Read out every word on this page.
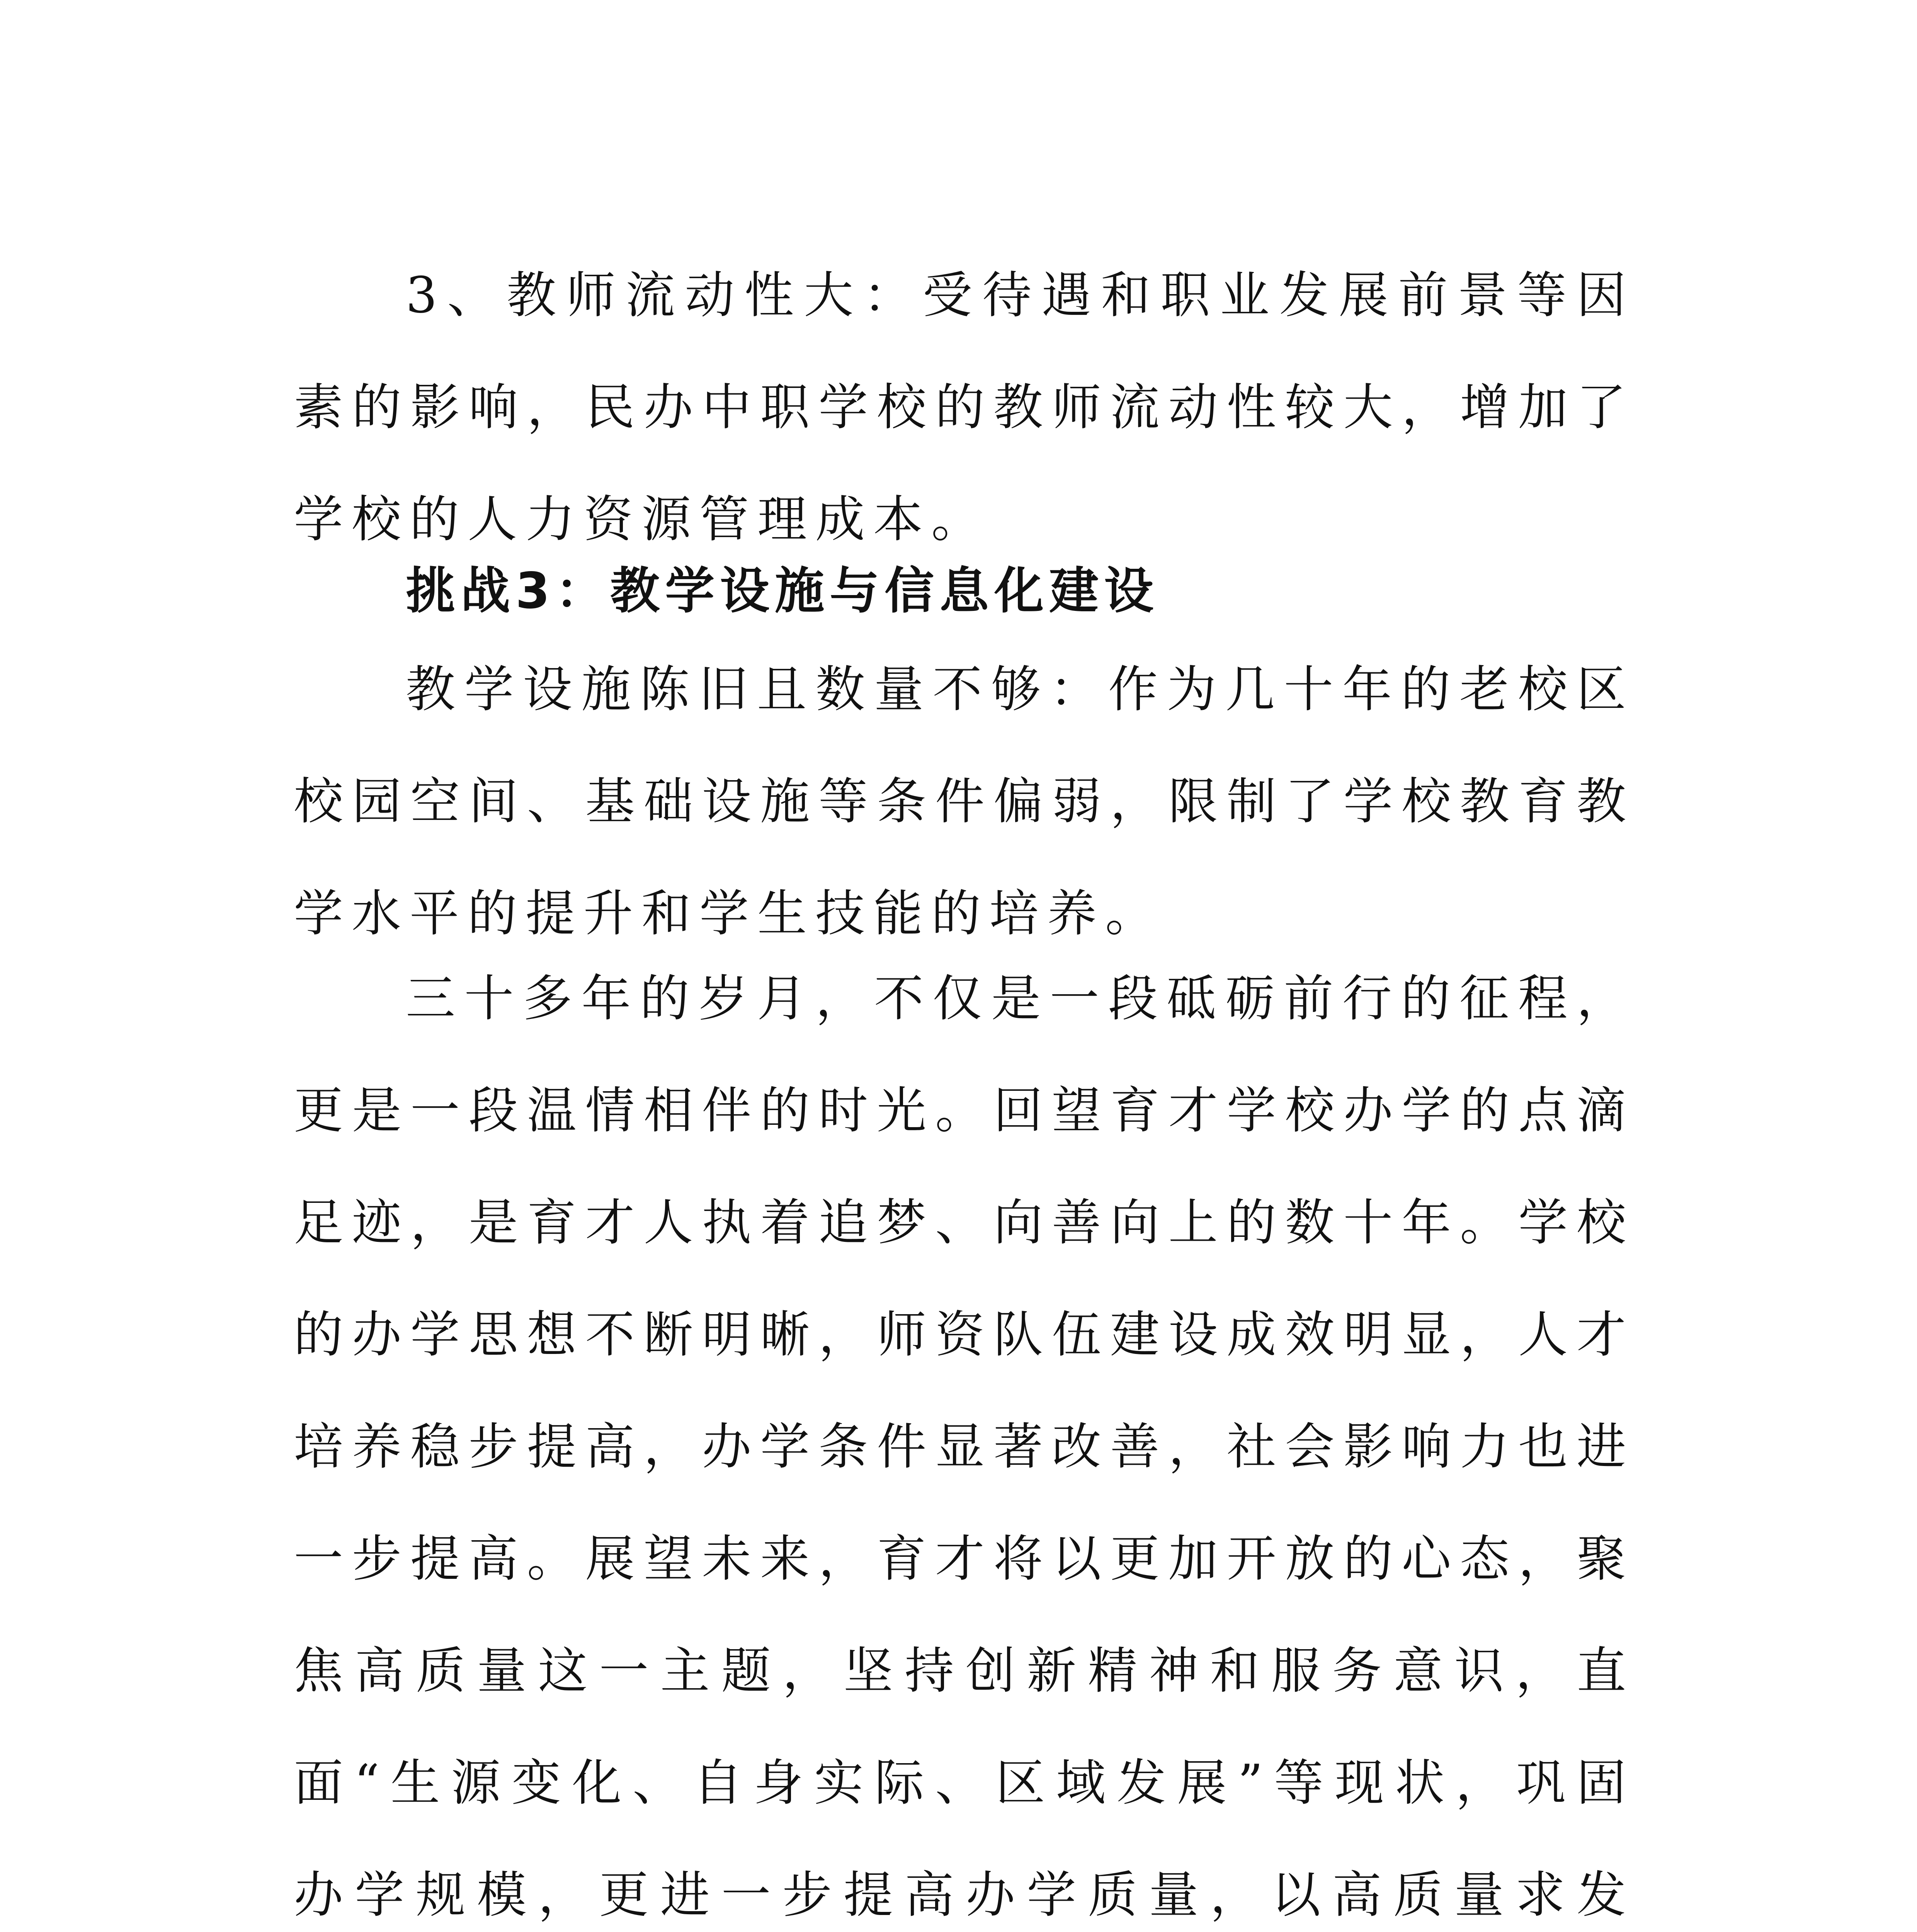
3、教师流动性大：受待遇和职业发展前景等因素的影响，民办中职学校的教师流动性较大，增加了学校的人力资源管理成本。

挑战3：教学设施与信息化建设

教学设施陈旧且数量不够：作为几十年的老校区校园空间、基础设施等条件偏弱，限制了学校教育教学水平的提升和学生技能的培养。

三十多年的岁月，不仅是一段砥砺前行的征程，更是一段温情相伴的时光。回望育才学校办学的点滴足迹，是育才人执着追梦、向善向上的数十年。学校的办学思想不断明晰，师资队伍建设成效明显，人才培养稳步提高，办学条件显著改善，社会影响力也进一步提高。展望未来，育才将以更加开放的心态，聚焦高质量这一主题，坚持创新精神和服务意识，直面“生源变化、自身实际、区域发展”等现状，巩固办学规模，更进一步提高办学质量，以高质量求发
